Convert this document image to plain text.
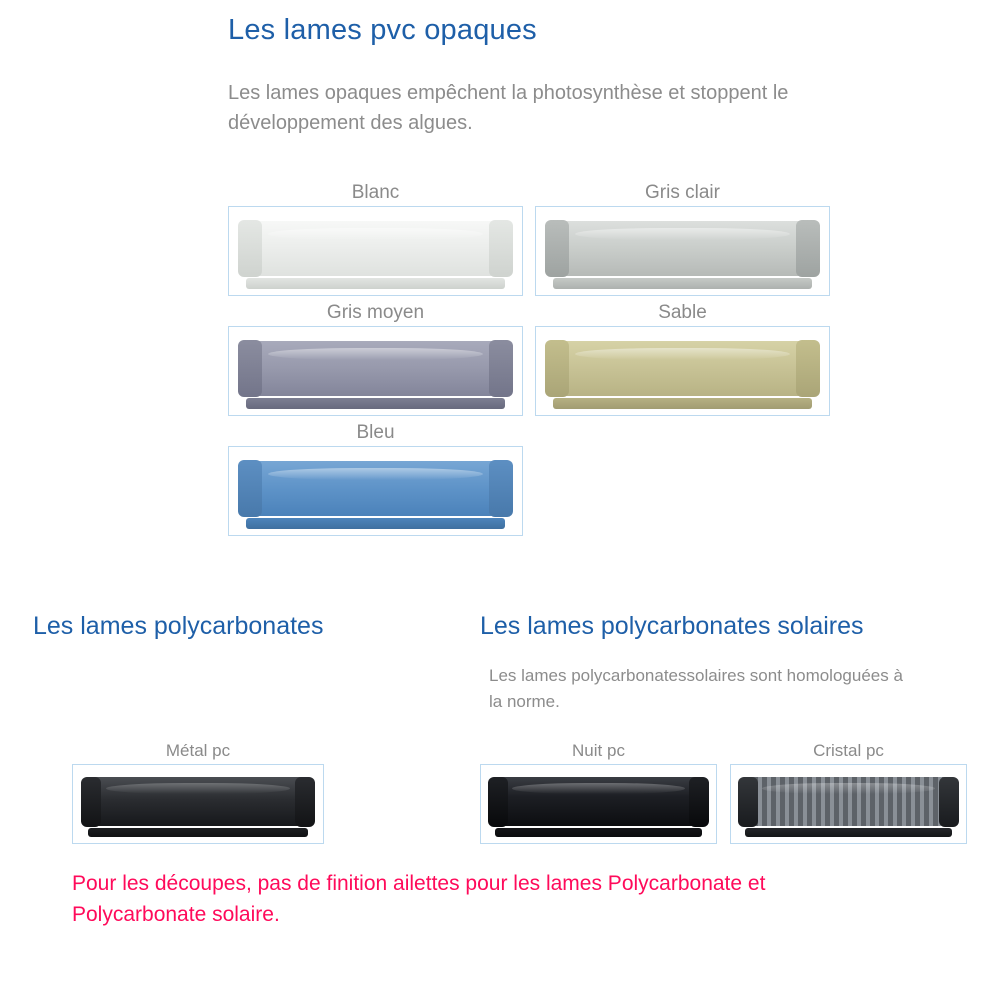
Les lames pvc opaques
Les lames opaques empêchent la photosynthèse et stoppent le développement des algues.
Blanc	Gris clair
Gris moyen	Sable
Bleu
Les lames polycarbonates	Les lames polycarbonates solaires
Les lames polycarbonatessolaires sont homologuées à la norme.
Métal pc	Nuit pc	Cristal pc
Pour les découpes, pas de finition ailettes pour les lames Polycarbonate et Polycarbonate solaire.
